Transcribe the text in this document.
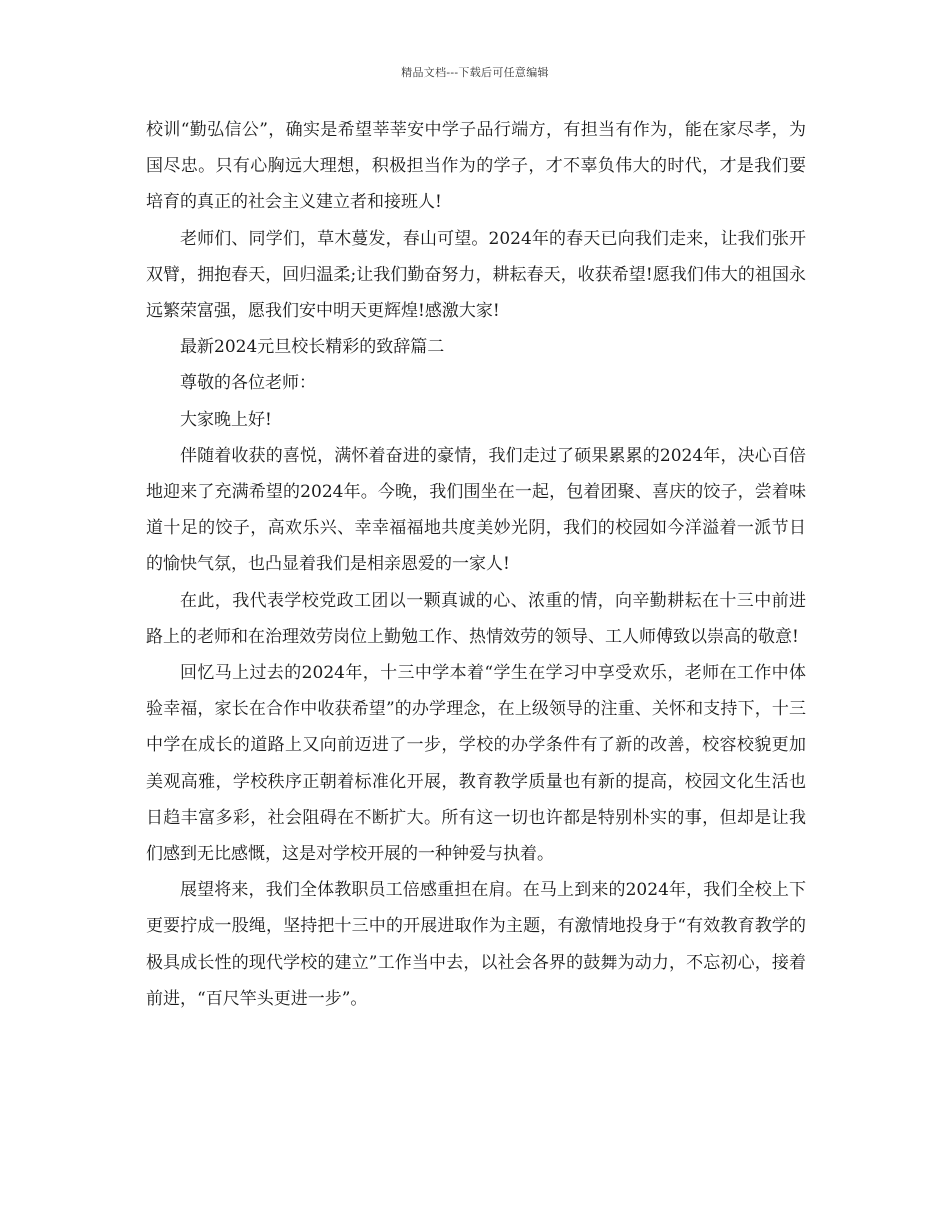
精品文档---下载后可任意编辑

校训“勤弘信公”，确实是希望莘莘安中学子品行端方，有担当有作为，能在家尽孝，为国尽忠。只有心胸远大理想，积极担当作为的学子，才不辜负伟大的时代，才是我们要培育的真正的社会主义建立者和接班人!

老师们、同学们，草木蔓发，春山可望。2024年的春天已向我们走来，让我们张开双臂，拥抱春天，回归温柔;让我们勤奋努力，耕耘春天，收获希望!愿我们伟大的祖国永远繁荣富强，愿我们安中明天更辉煌!感激大家!

最新2024元旦校长精彩的致辞篇二

尊敬的各位老师：

大家晚上好!

伴随着收获的喜悦，满怀着奋进的豪情，我们走过了硕果累累的2024年，决心百倍地迎来了充满希望的2024年。今晚，我们围坐在一起，包着团聚、喜庆的饺子，尝着味道十足的饺子，高欢乐兴、幸幸福福地共度美妙光阴，我们的校园如今洋溢着一派节日的愉快气氛，也凸显着我们是相亲恩爱的一家人!

在此，我代表学校党政工团以一颗真诚的心、浓重的情，向辛勤耕耘在十三中前进路上的老师和在治理效劳岗位上勤勉工作、热情效劳的领导、工人师傅致以崇高的敬意!

回忆马上过去的2024年，十三中学本着“学生在学习中享受欢乐，老师在工作中体验幸福，家长在合作中收获希望”的办学理念，在上级领导的注重、关怀和支持下，十三中学在成长的道路上又向前迈进了一步，学校的办学条件有了新的改善，校容校貌更加美观高雅，学校秩序正朝着标准化开展，教育教学质量也有新的提高，校园文化生活也日趋丰富多彩，社会阻碍在不断扩大。所有这一切也许都是特别朴实的事，但却是让我们感到无比感慨，这是对学校开展的一种钟爱与执着。

展望将来，我们全体教职员工倍感重担在肩。在马上到来的2024年，我们全校上下更要拧成一股绳，坚持把十三中的开展进取作为主题，有激情地投身于“有效教育教学的极具成长性的现代学校的建立”工作当中去，以社会各界的鼓舞为动力，不忘初心，接着前进，“百尺竿头更进一步”。
